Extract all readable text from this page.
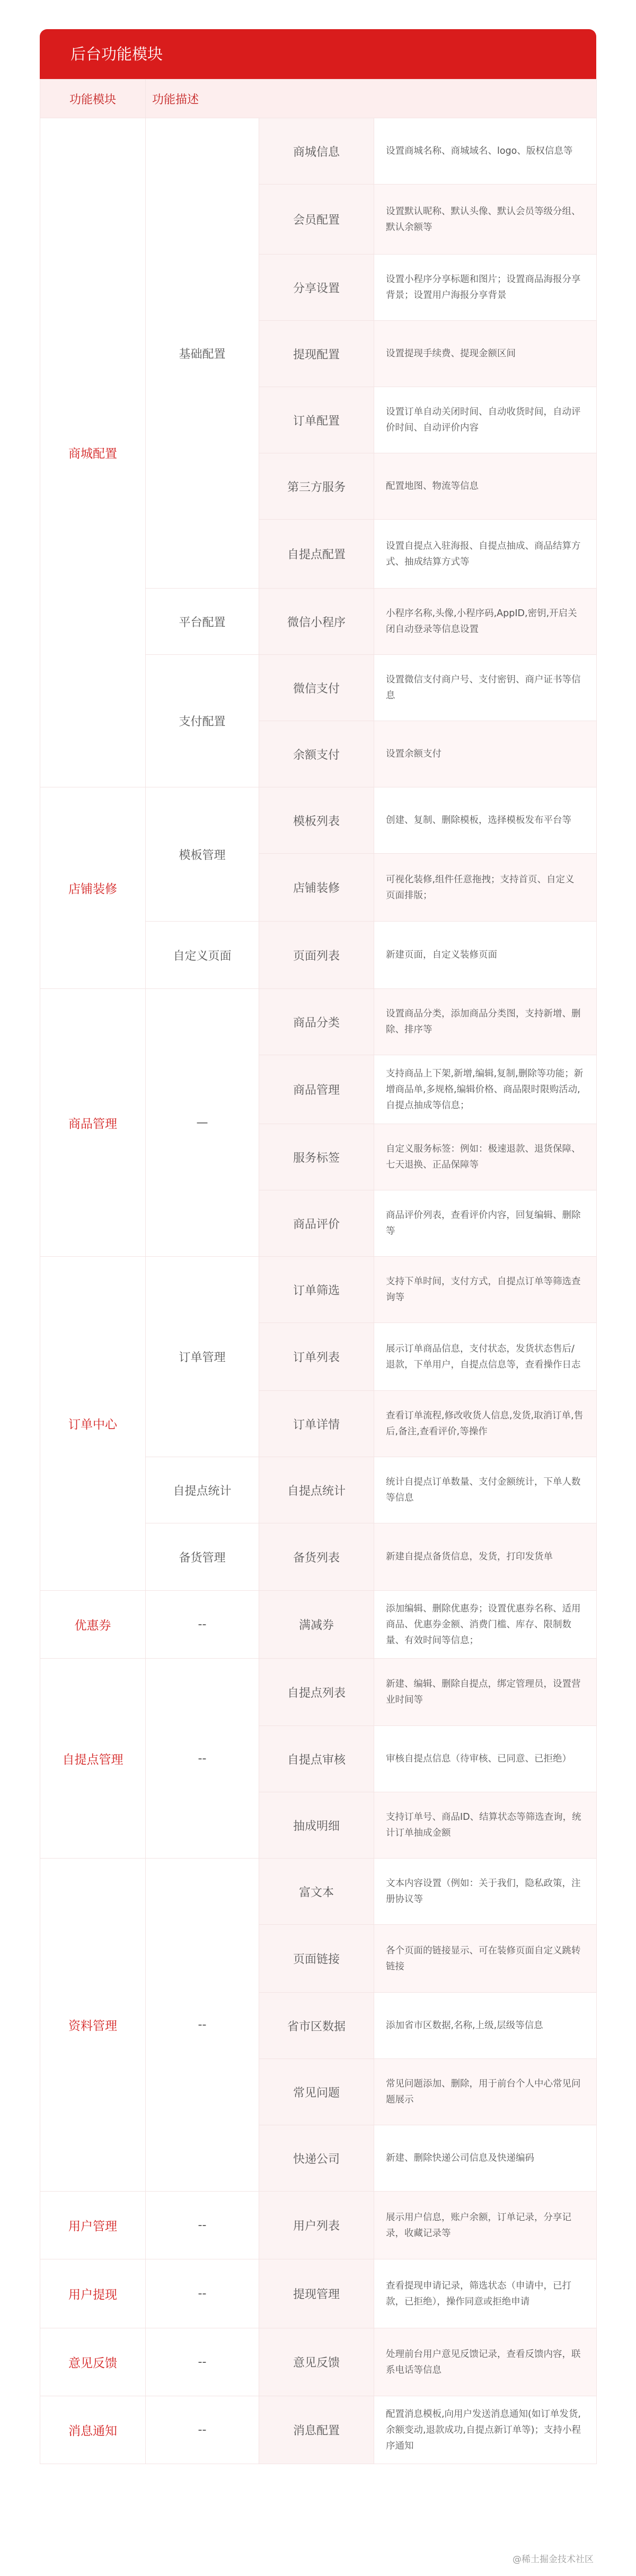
后台功能模块
功能模块	功能描述		
商城配置	基础配置	商城信息	设置商城名称、商城域名、logo、版权信息等
		会员配置	设置默认昵称、默认头像、默认会员等级分组、默认余额等
		分享设置	设置小程序分享标题和图片；设置商品海报分享背景；设置用户海报分享背景
		提现配置	设置提现手续费、提现金额区间
		订单配置	设置订单自动关闭时间、自动收货时间，自动评价时间、自动评价内容
		第三方服务	配置地图、物流等信息
		自提点配置	设置自提点入驻海报、自提点抽成、商品结算方式、抽成结算方式等
	平台配置	微信小程序	小程序名称,头像,小程序码,AppID,密钥,开启关闭自动登录等信息设置
	支付配置	微信支付	设置微信支付商户号、支付密钥、商户证书等信息
		余额支付	设置余额支付
店铺装修	模板管理	模板列表	创建、复制、删除模板，选择模板发布平台等
		店铺装修	可视化装修,组件任意拖拽；支持首页、自定义页面排版；
	自定义页面	页面列表	新建页面，自定义装修页面
商品管理	—	商品分类	设置商品分类，添加商品分类图，支持新增、删除、排序等
		商品管理	支持商品上下架,新增,编辑,复制,删除等功能；新增商品单,多规格,编辑价格、商品限时限购活动,自提点抽成等信息；
		服务标签	自定义服务标签：例如：极速退款、退货保障、七天退换、正品保障等
		商品评价	商品评价列表，查看评价内容，回复编辑、删除等
订单中心	订单管理	订单筛选	支持下单时间，支付方式，自提点订单等筛选查询等
		订单列表	展示订单商品信息，支付状态，发货状态售后/退款，下单用户，自提点信息等，查看操作日志
		订单详情	查看订单流程,修改收货人信息,发货,取消订单,售后,备注,查看评价,等操作
	自提点统计	自提点统计	统计自提点订单数量、支付金额统计，下单人数等信息
	备货管理	备货列表	新建自提点备货信息，发货，打印发货单
优惠券	--	满减券	添加编辑、删除优惠券；设置优惠券名称、适用商品、优惠券金额、消费门槛、库存、限制数量、有效时间等信息；
自提点管理	--	自提点列表	新建、编辑、删除自提点，绑定管理员，设置营业时间等
		自提点审核	审核自提点信息（待审核、已同意、已拒绝）
		抽成明细	支持订单号、商品ID、结算状态等筛选查询，统计订单抽成金额
资料管理	--	富文本	文本内容设置（例如：关于我们，隐私政策，注册协议等
		页面链接	各个页面的链接显示、可在装修页面自定义跳转链接
		省市区数据	添加省市区数据,名称,上级,层级等信息
		常见问题	常见问题添加、删除，用于前台个人中心常见问题展示
		快递公司	新建、删除快递公司信息及快递编码
用户管理	--	用户列表	展示用户信息，账户余额，订单记录，分享记录，收藏记录等
用户提现	--	提现管理	查看提现申请记录，筛选状态（申请中，已打款，已拒绝），操作同意或拒绝申请
意见反馈	--	意见反馈	处理前台用户意见反馈记录，查看反馈内容，联系电话等信息
消息通知	--	消息配置	配置消息模板,向用户发送消息通知(如订单发货,余额变动,退款成功,自提点新订单等)；支持小程序通知
@稀土掘金技术社区
